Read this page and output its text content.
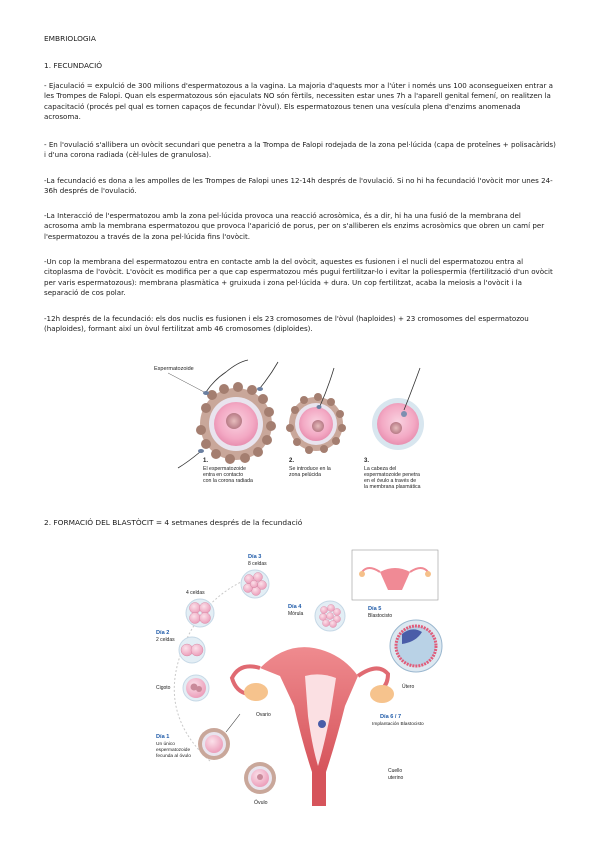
EMBRIOLOGIA
1. FECUNDACIÓ
- Ejaculació = expulció de 300 milions d'espermatozous a la vagina. La majoria d'aquests mor a l'úter i només uns 100 aconsegueixen entrar a les Trompes de Falopi. Quan els espermatozous són ejaculats NO són fèrtils, necessiten estar unes 7h a l'aparell genital femení, on realitzen la capacitació (procés pel qual es tornen capaços de fecundar l'òvul). Els espermatozous tenen una vesícula plena d'enzims anomenada acrosoma.
- En l'ovulació s'allibera un ovòcit secundari que penetra a la Trompa de Falopi rodejada de la zona pel·lúcida (capa de proteïnes + polisacàrids) i d'una corona radiada (cèl·lules de granulosa).
-La fecundació es dona a les ampolles de les Trompes de Falopi unes 12-14h després de l'ovulació. Si no hi ha fecundació l'ovòcit mor unes 24-36h després de l'ovulació.
-La Interacció de l'espermatozou amb la zona pel·lúcida provoca una reacció acrosòmica, és a dir, hi ha una fusió de la membrana del acrosoma amb la membrana espermatozou que provoca l'aparició de porus, per on s'alliberen els enzims acrosòmics que obren un camí per l'espermatozou a través de la zona pel·lúcida fins l'ovòcit.
-Un cop la membrana del espermatozou entra en contacte amb la del ovòcit, aquestes es fusionen i el nucli del espermatozou entra al citoplasma de l'ovòcit. L'ovòcit es modifica per a que cap espermatozou més pugui fertilitzar-lo i evitar la poliespermia (fertilització d'un ovòcit per varis espermatozous): membrana plasmàtica + gruixuda i zona pel·lúcida + dura. Un cop fertilitzat, acaba la meiosis a l'ovòcit i la separació de cos polar.
-12h després de la fecundació: els dos nuclis es fusionen i els 23 cromosomes de l'òvul (haploides) + 23 cromosomes del espermatozou (haploides), formant així un òvul fertilitzat amb 46 cromosomes (diploides).
Espermatozoide
1.
El espermatozoide
entra en contacto
con la corona radiada
2.
Se introduce en la
zona pelúcida
3.
La cabeza del
espermatozoide penetra
en el óvulo a través de
la membrana plasmática
2. FORMACIÓ DEL BLASTÒCIT = 4 setmanes després de la fecundació
Día 3
8 celdas
4 celdas
Día 2
2 celdas
Cigoto
Día 1
Un único
espermatozoide
fecunda al óvulo
Óvulo
Día 4
Mórula
Día 5
Blastocisto
Ovario
Útero
Día 6 / 7
Implantación Blastocisto
Cuello
uterino
